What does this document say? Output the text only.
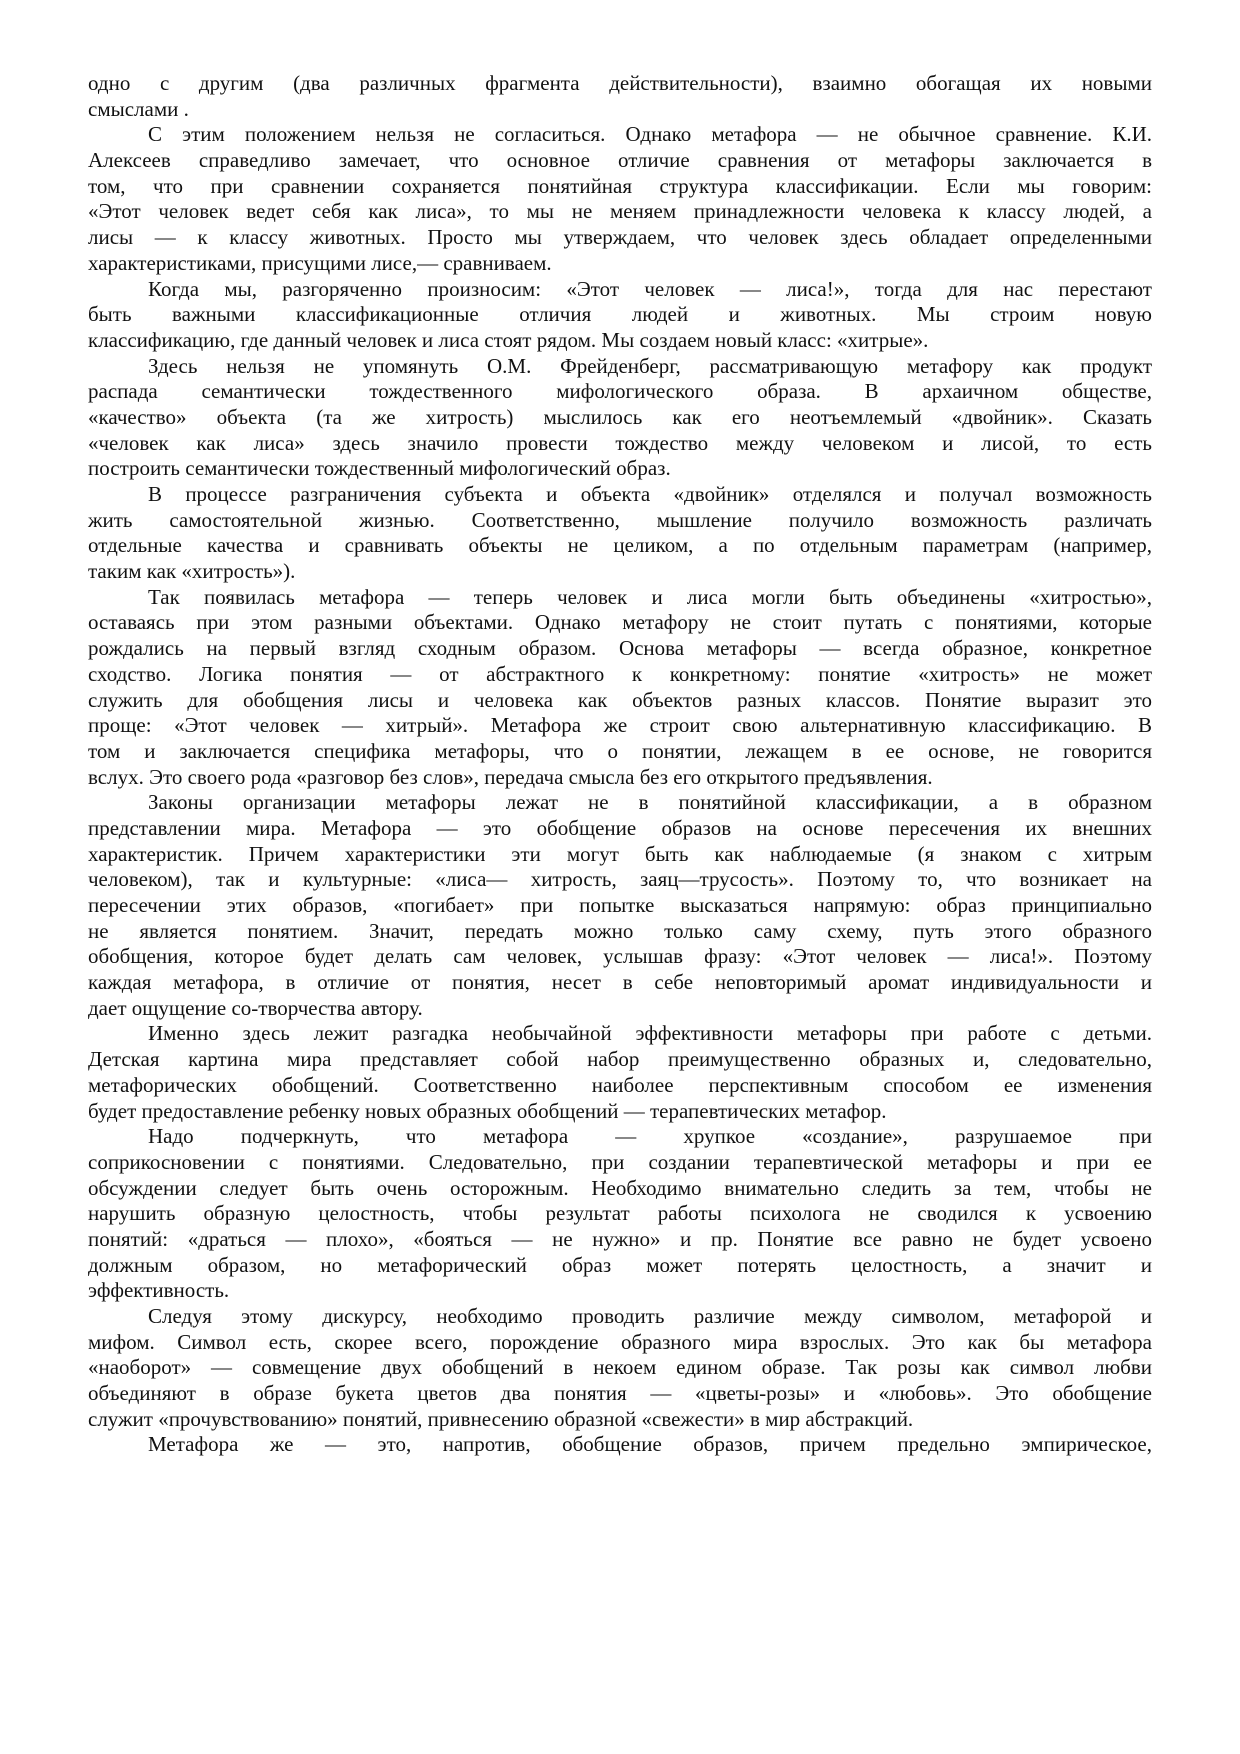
одно с другим (два различных фрагмента действительности), взаимно обогащая их новыми
смыслами .
С этим положением нельзя не согласиться. Однако метафора — не обычное сравнение. К.И.
Алексеев справедливо замечает, что основное отличие сравнения от метафоры заключается в
том, что при сравнении сохраняется понятийная структура классификации. Если мы говорим:
«Этот человек ведет себя как лиса», то мы не меняем принадлежности человека к классу людей, а
лисы — к классу животных. Просто мы утверждаем, что человек здесь обладает определенными
характеристиками, присущими лисе,— сравниваем.
Когда мы, разгоряченно произносим: «Этот человек — лиса!», тогда для нас перестают
быть важными классификационные отличия людей и животных. Мы строим новую
классификацию, где данный человек и лиса стоят рядом. Мы создаем новый класс: «хитрые».
Здесь нельзя не упомянуть О.М. Фрейденберг, рассматривающую метафору как продукт
распада семантически тождественного мифологического образа. В архаичном обществе,
«качество» объекта (та же хитрость) мыслилось как его неотъемлемый «двойник». Сказать
«человек как лиса» здесь значило провести тождество между человеком и лисой, то есть
построить семантически тождественный мифологический образ.
В процессе разграничения субъекта и объекта «двойник» отделялся и получал возможность
жить самостоятельной жизнью. Соответственно, мышление получило возможность различать
отдельные качества и сравнивать объекты не целиком, а по отдельным параметрам (например,
таким как «хитрость»).
Так появилась метафора — теперь человек и лиса могли быть объединены «хитростью»,
оставаясь при этом разными объектами. Однако метафору не стоит путать с понятиями, которые
рождались на первый взгляд сходным образом. Основа метафоры — всегда образное, конкретное
сходство. Логика понятия — от абстрактного к конкретному: понятие «хитрость» не может
служить для обобщения лисы и человека как объектов разных классов. Понятие выразит это
проще: «Этот человек — хитрый». Метафора же строит свою альтернативную классификацию. В
том и заключается специфика метафоры, что о понятии, лежащем в ее основе, не говорится
вслух. Это своего рода «разговор без слов», передача смысла без его открытого предъявления.
Законы организации метафоры лежат не в понятийной классификации, а в образном
представлении мира. Метафора — это обобщение образов на основе пересечения их внешних
характеристик. Причем характеристики эти могут быть как наблюдаемые (я знаком с хитрым
человеком), так и культурные: «лиса— хитрость, заяц—трусость». Поэтому то, что возникает на
пересечении этих образов, «погибает» при попытке высказаться напрямую: образ принципиально
не является понятием. Значит, передать можно только саму схему, путь этого образного
обобщения, которое будет делать сам человек, услышав фразу: «Этот человек — лиса!». Поэтому
каждая метафора, в отличие от понятия, несет в себе неповторимый аромат индивидуальности и
дает ощущение со-творчества автору.
Именно здесь лежит разгадка необычайной эффективности метафоры при работе с детьми.
Детская картина мира представляет собой набор преимущественно образных и, следовательно,
метафорических обобщений. Соответственно наиболее перспективным способом ее изменения
будет предоставление ребенку новых образных обобщений — терапевтических метафор.
Надо подчеркнуть, что метафора — хрупкое «создание», разрушаемое при
соприкосновении с понятиями. Следовательно, при создании терапевтической метафоры и при ее
обсуждении следует быть очень осторожным. Необходимо внимательно следить за тем, чтобы не
нарушить образную целостность, чтобы результат работы психолога не сводился к усвоению
понятий: «драться — плохо», «бояться — не нужно» и пр. Понятие все равно не будет усвоено
должным образом, но метафорический образ может потерять целостность, а значит и
эффективность.
Следуя этому дискурсу, необходимо проводить различие между символом, метафорой и
мифом. Символ есть, скорее всего, порождение образного мира взрослых. Это как бы метафора
«наоборот» — совмещение двух обобщений в некоем едином образе. Так розы как символ любви
объединяют в образе букета цветов два понятия — «цветы-розы» и «любовь». Это обобщение
служит «прочувствованию» понятий, привнесению образной «свежести» в мир абстракций.
Метафора же — это, напротив, обобщение образов, причем предельно эмпирическое,
